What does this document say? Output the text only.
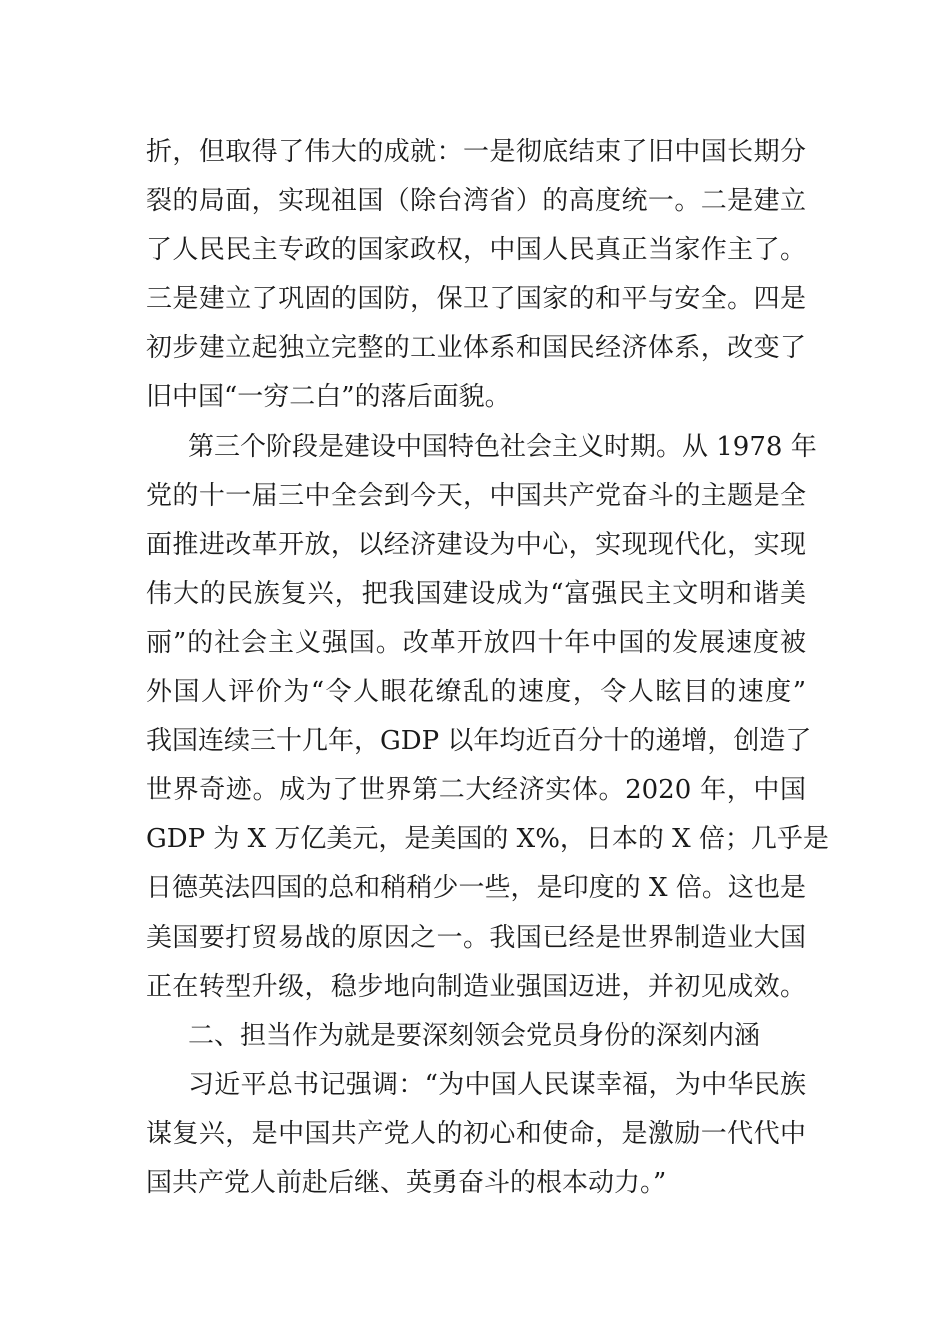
折，但取得了伟大的成就：一是彻底结束了旧中国长期分
裂的局面，实现祖国（除台湾省）的高度统一。二是建立
了人民民主专政的国家政权，中国人民真正当家作主了。
三是建立了巩固的国防，保卫了国家的和平与安全。四是
初步建立起独立完整的工业体系和国民经济体系，改变了
旧中国“一穷二白”的落后面貌。
第三个阶段是建设中国特色社会主义时期。从 1978 年
党的十一届三中全会到今天，中国共产党奋斗的主题是全
面推进改革开放，以经济建设为中心，实现现代化，实现
伟大的民族复兴，把我国建设成为“富强民主文明和谐美
丽”的社会主义强国。改革开放四十年中国的发展速度被
外国人评价为“令人眼花缭乱的速度，令人眩目的速度”
我国连续三十几年，GDP 以年均近百分十的递增，创造了
世界奇迹。成为了世界第二大经济实体。2020 年，中国
GDP 为 X 万亿美元，是美国的 X%，日本的 X 倍；几乎是
日德英法四国的总和稍稍少一些，是印度的 X 倍。这也是
美国要打贸易战的原因之一。我国已经是世界制造业大国
正在转型升级，稳步地向制造业强国迈进，并初见成效。
二、担当作为就是要深刻领会党员身份的深刻内涵
习近平总书记强调：“为中国人民谋幸福，为中华民族
谋复兴，是中国共产党人的初心和使命，是激励一代代中
国共产党人前赴后继、英勇奋斗的根本动力。”
